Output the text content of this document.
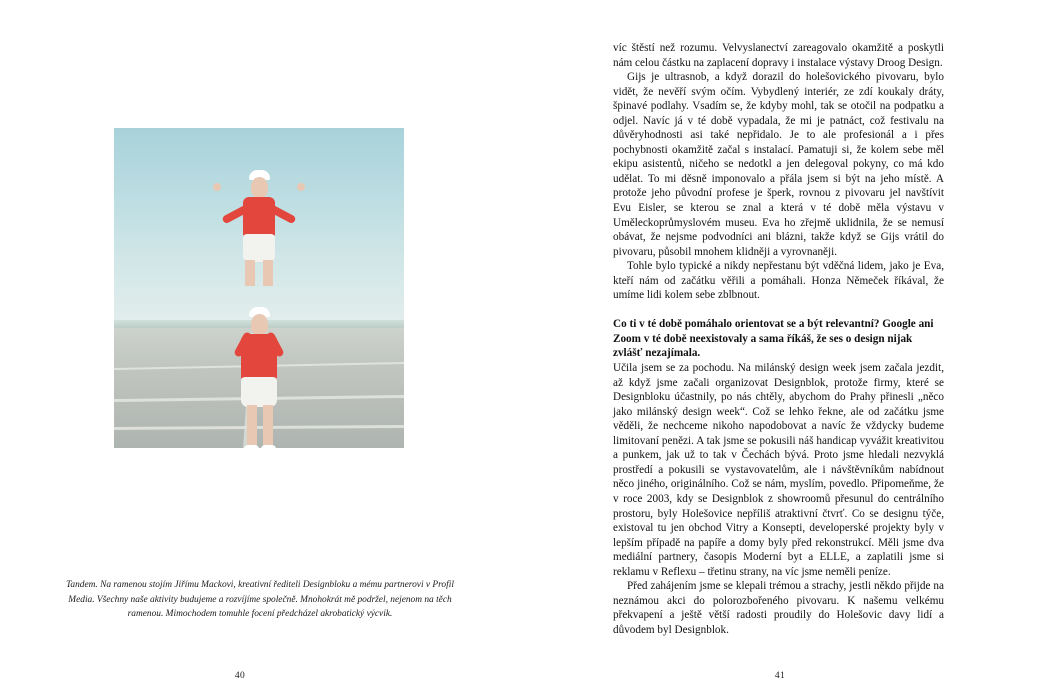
Tandem. Na ramenou stojím Jiřímu Mackovi, kreativní řediteli Designbloku a mému partnerovi v Profil Media. Všechny naše aktivity budujeme a rozvíjíme společně. Mnohokrát mě podržel, nejenom na těch ramenou. Mimochodem tomuhle focení předcházel akrobatický výcvik.
40

víc štěstí než rozumu. Velvyslanectví zareagovalo okamžitě a poskytli nám celou částku na zaplacení dopravy i instalace výstavy Droog Design.

Gijs je ultrasnob, a když dorazil do holešovického pivovaru, bylo vidět, že nevěří svým očím. Vybydlený interiér, ze zdí koukaly dráty, špinavé podlahy. Vsadím se, že kdyby mohl, tak se otočil na podpatku a odjel. Navíc já v té době vypadala, že mi je patnáct, což festivalu na důvěryhodnosti asi také nepřidalo. Je to ale profesionál a i přes pochybnosti okamžitě začal s instalací. Pamatuji si, že kolem sebe měl ekipu asistentů, ničeho se nedotkl a jen delegoval pokyny, co má kdo udělat. To mi děsně imponovalo a přála jsem si být na jeho místě. A protože jeho původní profese je šperk, rovnou z pivovaru jel navštívit Evu Eisler, se kterou se znal a která v té době měla výstavu v Uměleckoprůmyslovém museu. Eva ho zřejmě uklidnila, že se nemusí obávat, že nejsme podvodníci ani blázni, takže když se Gijs vrátil do pivovaru, působil mnohem klidněji a vyrovnaněji.

Tohle bylo typické a nikdy nepřestanu být vděčná lidem, jako je Eva, kteří nám od začátku věřili a pomáhali. Honza Němeček říkával, že umíme lidi kolem sebe zblbnout.

Co ti v té době pomáhalo orientovat se a být relevantní? Google ani Zoom v té době neexistovaly a sama říkáš, že ses o design nijak zvlášť nezajímala.

Učila jsem se za pochodu. Na milánský design week jsem začala jezdit, až když jsme začali organizovat Designblok, protože firmy, které se Designbloku účastnily, po nás chtěly, abychom do Prahy přinesli „něco jako milánský design week“. Což se lehko řekne, ale od začátku jsme věděli, že nechceme nikoho napodobovat a navíc že vždycky budeme limitovaní penězi. A tak jsme se pokusili náš handicap vyvážit kreativitou a punkem, jak už to tak v Čechách bývá. Proto jsme hledali nezvyklá prostředí a pokusili se vystavovatelům, ale i návštěvníkům nabídnout něco jiného, originálního. Což se nám, myslím, povedlo. Připomeňme, že v roce 2003, kdy se Designblok z showroomů přesunul do centrálního prostoru, byly Holešovice nepříliš atraktivní čtvrť. Co se designu týče, existoval tu jen obchod Vitry a Konsepti, developerské projekty byly v lepším případě na papíře a domy byly před rekonstrukcí. Měli jsme dva mediální partnery, časopis Moderní byt a ELLE, a zaplatili jsme si reklamu v Reflexu – třetinu strany, na víc jsme neměli peníze.

Před zahájením jsme se klepali trémou a strachy, jestli někdo přijde na neznámou akci do polorozbořeného pivovaru. K našemu velkému překvapení a ještě větší radosti proudily do Holešovic davy lidí a důvodem byl Designblok.

41
